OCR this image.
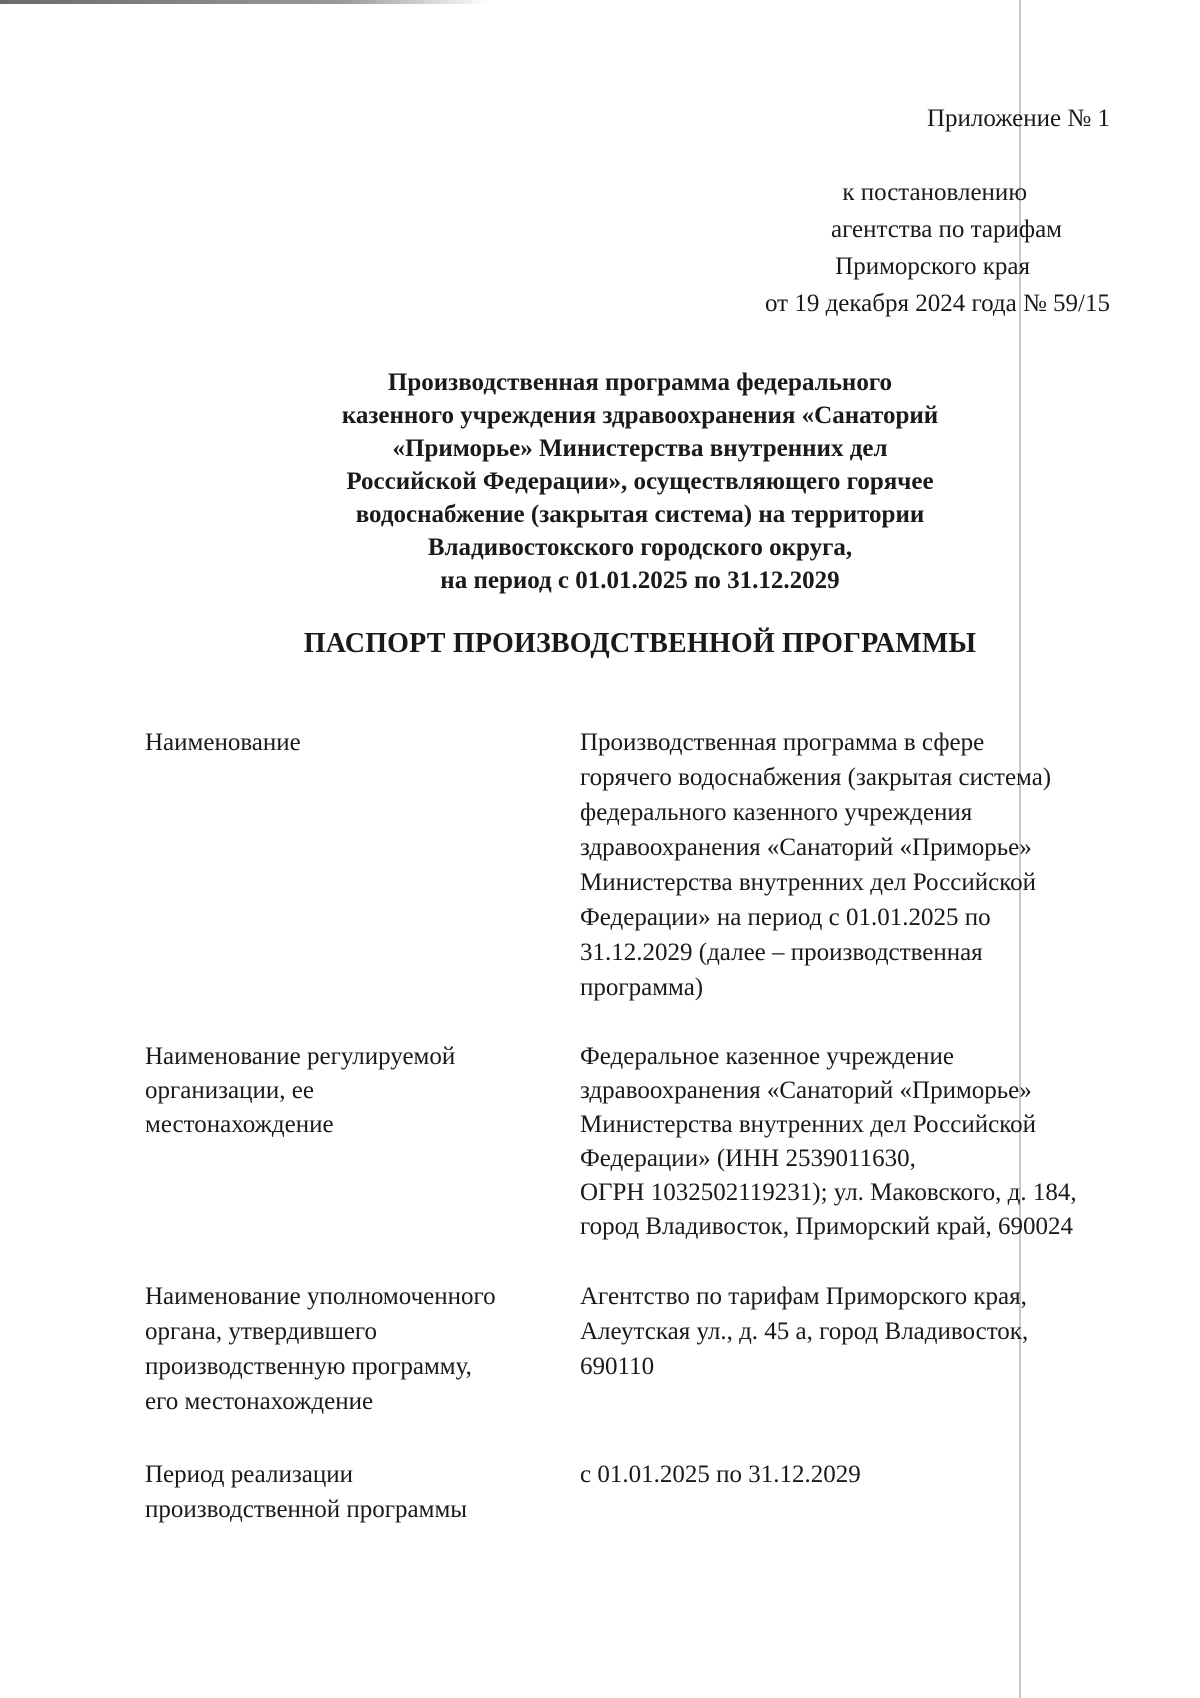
Приложение № 1
к постановлению
агентства по тарифам
Приморского края
от 19 декабря 2024 года № 59/15
Производственная программа федерального
казенного учреждения здравоохранения «Санаторий
«Приморье» Министерства внутренних дел
Российской Федерации», осуществляющего горячее
водоснабжение (закрытая система) на территории
Владивостокского городского округа,
на период с 01.01.2025 по 31.12.2029
ПАСПОРТ ПРОИЗВОДСТВЕННОЙ ПРОГРАММЫ
Наименование	Производственная программа в сфере
горячего водоснабжения (закрытая система)
федерального казенного учреждения
здравоохранения «Санаторий «Приморье»
Министерства внутренних дел Российской
Федерации» на период с 01.01.2025 по
31.12.2029 (далее – производственная
программа)
Наименование регулируемой
организации, ее
местонахождение
Федеральное казенное учреждение
здравоохранения «Санаторий «Приморье»
Министерства внутренних дел Российской
Федерации» (ИНН 2539011630,
ОГРН 1032502119231); ул. Маковского, д. 184,
город Владивосток, Приморский край, 690024
Наименование уполномоченного
органа, утвердившего
производственную программу,
его местонахождение
Агентство по тарифам Приморского края,
Алеутская ул., д. 45 а, город Владивосток,
690110
Период реализации
производственной программы
с 01.01.2025 по 31.12.2029
